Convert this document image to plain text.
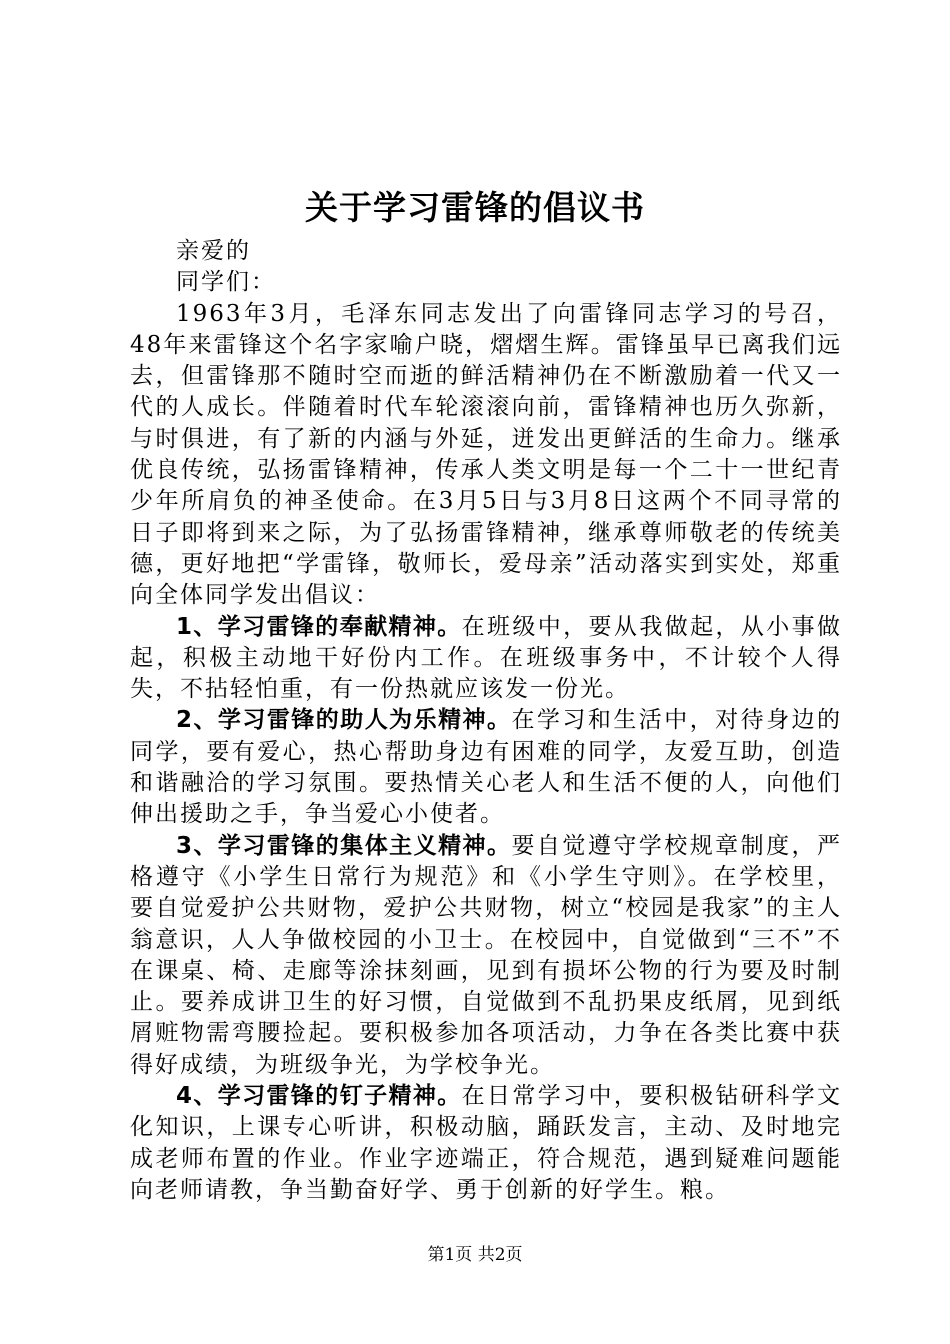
关于学习雷锋的倡议书

亲爱的

同学们：

1963年3月，毛泽东同志发出了向雷锋同志学习的号召，48年来雷锋这个名字家喻户晓，熠熠生辉。雷锋虽早已离我们远去，但雷锋那不随时空而逝的鲜活精神仍在不断激励着一代又一代的人成长。伴随着时代车轮滚滚向前，雷锋精神也历久弥新，与时俱进，有了新的内涵与外延，迸发出更鲜活的生命力。继承优良传统，弘扬雷锋精神，传承人类文明是每一个二十一世纪青少年所肩负的神圣使命。在3月5日与3月8日这两个不同寻常的日子即将到来之际，为了弘扬雷锋精神，继承尊师敬老的传统美德，更好地把“学雷锋，敬师长，爱母亲”活动落实到实处，郑重向全体同学发出倡议：

1、学习雷锋的奉献精神。在班级中，要从我做起，从小事做起，积极主动地干好份内工作。在班级事务中，不计较个人得失，不拈轻怕重，有一份热就应该发一份光。

2、学习雷锋的助人为乐精神。在学习和生活中，对待身边的同学，要有爱心，热心帮助身边有困难的同学，友爱互助，创造和谐融洽的学习氛围。要热情关心老人和生活不便的人，向他们伸出援助之手，争当爱心小使者。

3、学习雷锋的集体主义精神。要自觉遵守学校规章制度，严格遵守《小学生日常行为规范》和《小学生守则》。在学校里，要自觉爱护公共财物，爱护公共财物，树立“校园是我家”的主人翁意识，人人争做校园的小卫士。在校园中，自觉做到“三不”不在课桌、椅、走廊等涂抹刻画，见到有损坏公物的行为要及时制止。要养成讲卫生的好习惯，自觉做到不乱扔果皮纸屑，见到纸屑赃物需弯腰捡起。要积极参加各项活动，力争在各类比赛中获得好成绩，为班级争光，为学校争光。

4、学习雷锋的钉子精神。在日常学习中，要积极钻研科学文化知识，上课专心听讲，积极动脑，踊跃发言，主动、及时地完成老师布置的作业。作业字迹端正，符合规范，遇到疑难问题能向老师请教，争当勤奋好学、勇于创新的好学生。粮。

第1页 共2页
